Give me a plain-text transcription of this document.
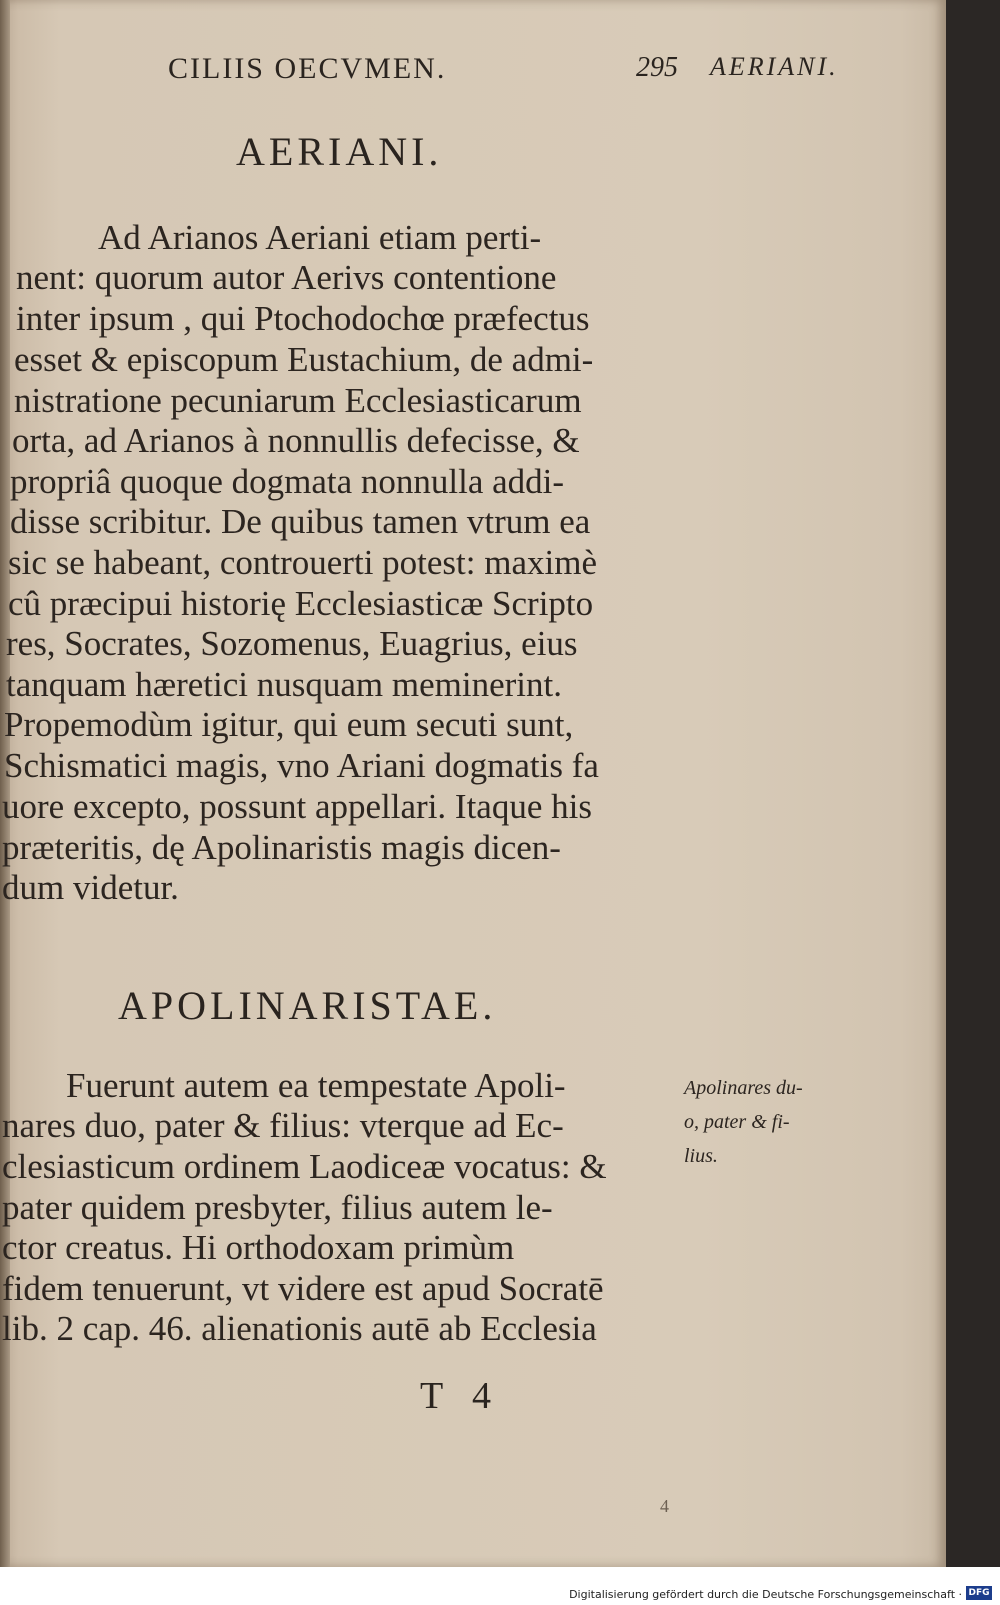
CILIIS OECVMEN.	295 AERIANI.
AERIANI.
Ad Arianos Aeriani etiam perti-
nent: quorum autor Aerivs contentione
inter ipsum , qui Ptochodochœ præfectus
esset & episcopum Eustachium, de admi-
nistratione pecuniarum Ecclesiasticarum
orta, ad Arianos à nonnullis defecisse, &
propriâ quoque dogmata nonnulla addi-
disse scribitur. De quibus tamen vtrum ea
sic se habeant, controuerti potest: maximè
cû præcipui historię Ecclesiasticæ Scripto
res, Socrates, Sozomenus, Euagrius, eius
tanquam hæretici nusquam meminerint.
Propemodùm igitur, qui eum secuti sunt,
Schismatici magis, vno Ariani dogmatis fa
uore excepto, possunt appellari. Itaque his
præteritis, dę Apolinaristis magis dicen-
dum videtur.
APOLINARISTAE.
Fuerunt autem ea tempestate Apoli-
nares duo, pater & filius: vterque ad Ec-
clesiasticum ordinem Laodiceæ vocatus: &
pater quidem presbyter, filius autem le-
ctor creatus. Hi orthodoxam primùm
fidem tenuerunt, vt videre est apud Socratē
lib. 2 cap. 46. alienationis autē ab Ecclesia
Apolinares du-
o, pater & fi-
lius.
T 4
4
Digitalisierung gefördert durch die Deutsche Forschungsgemeinschaft · DFG
